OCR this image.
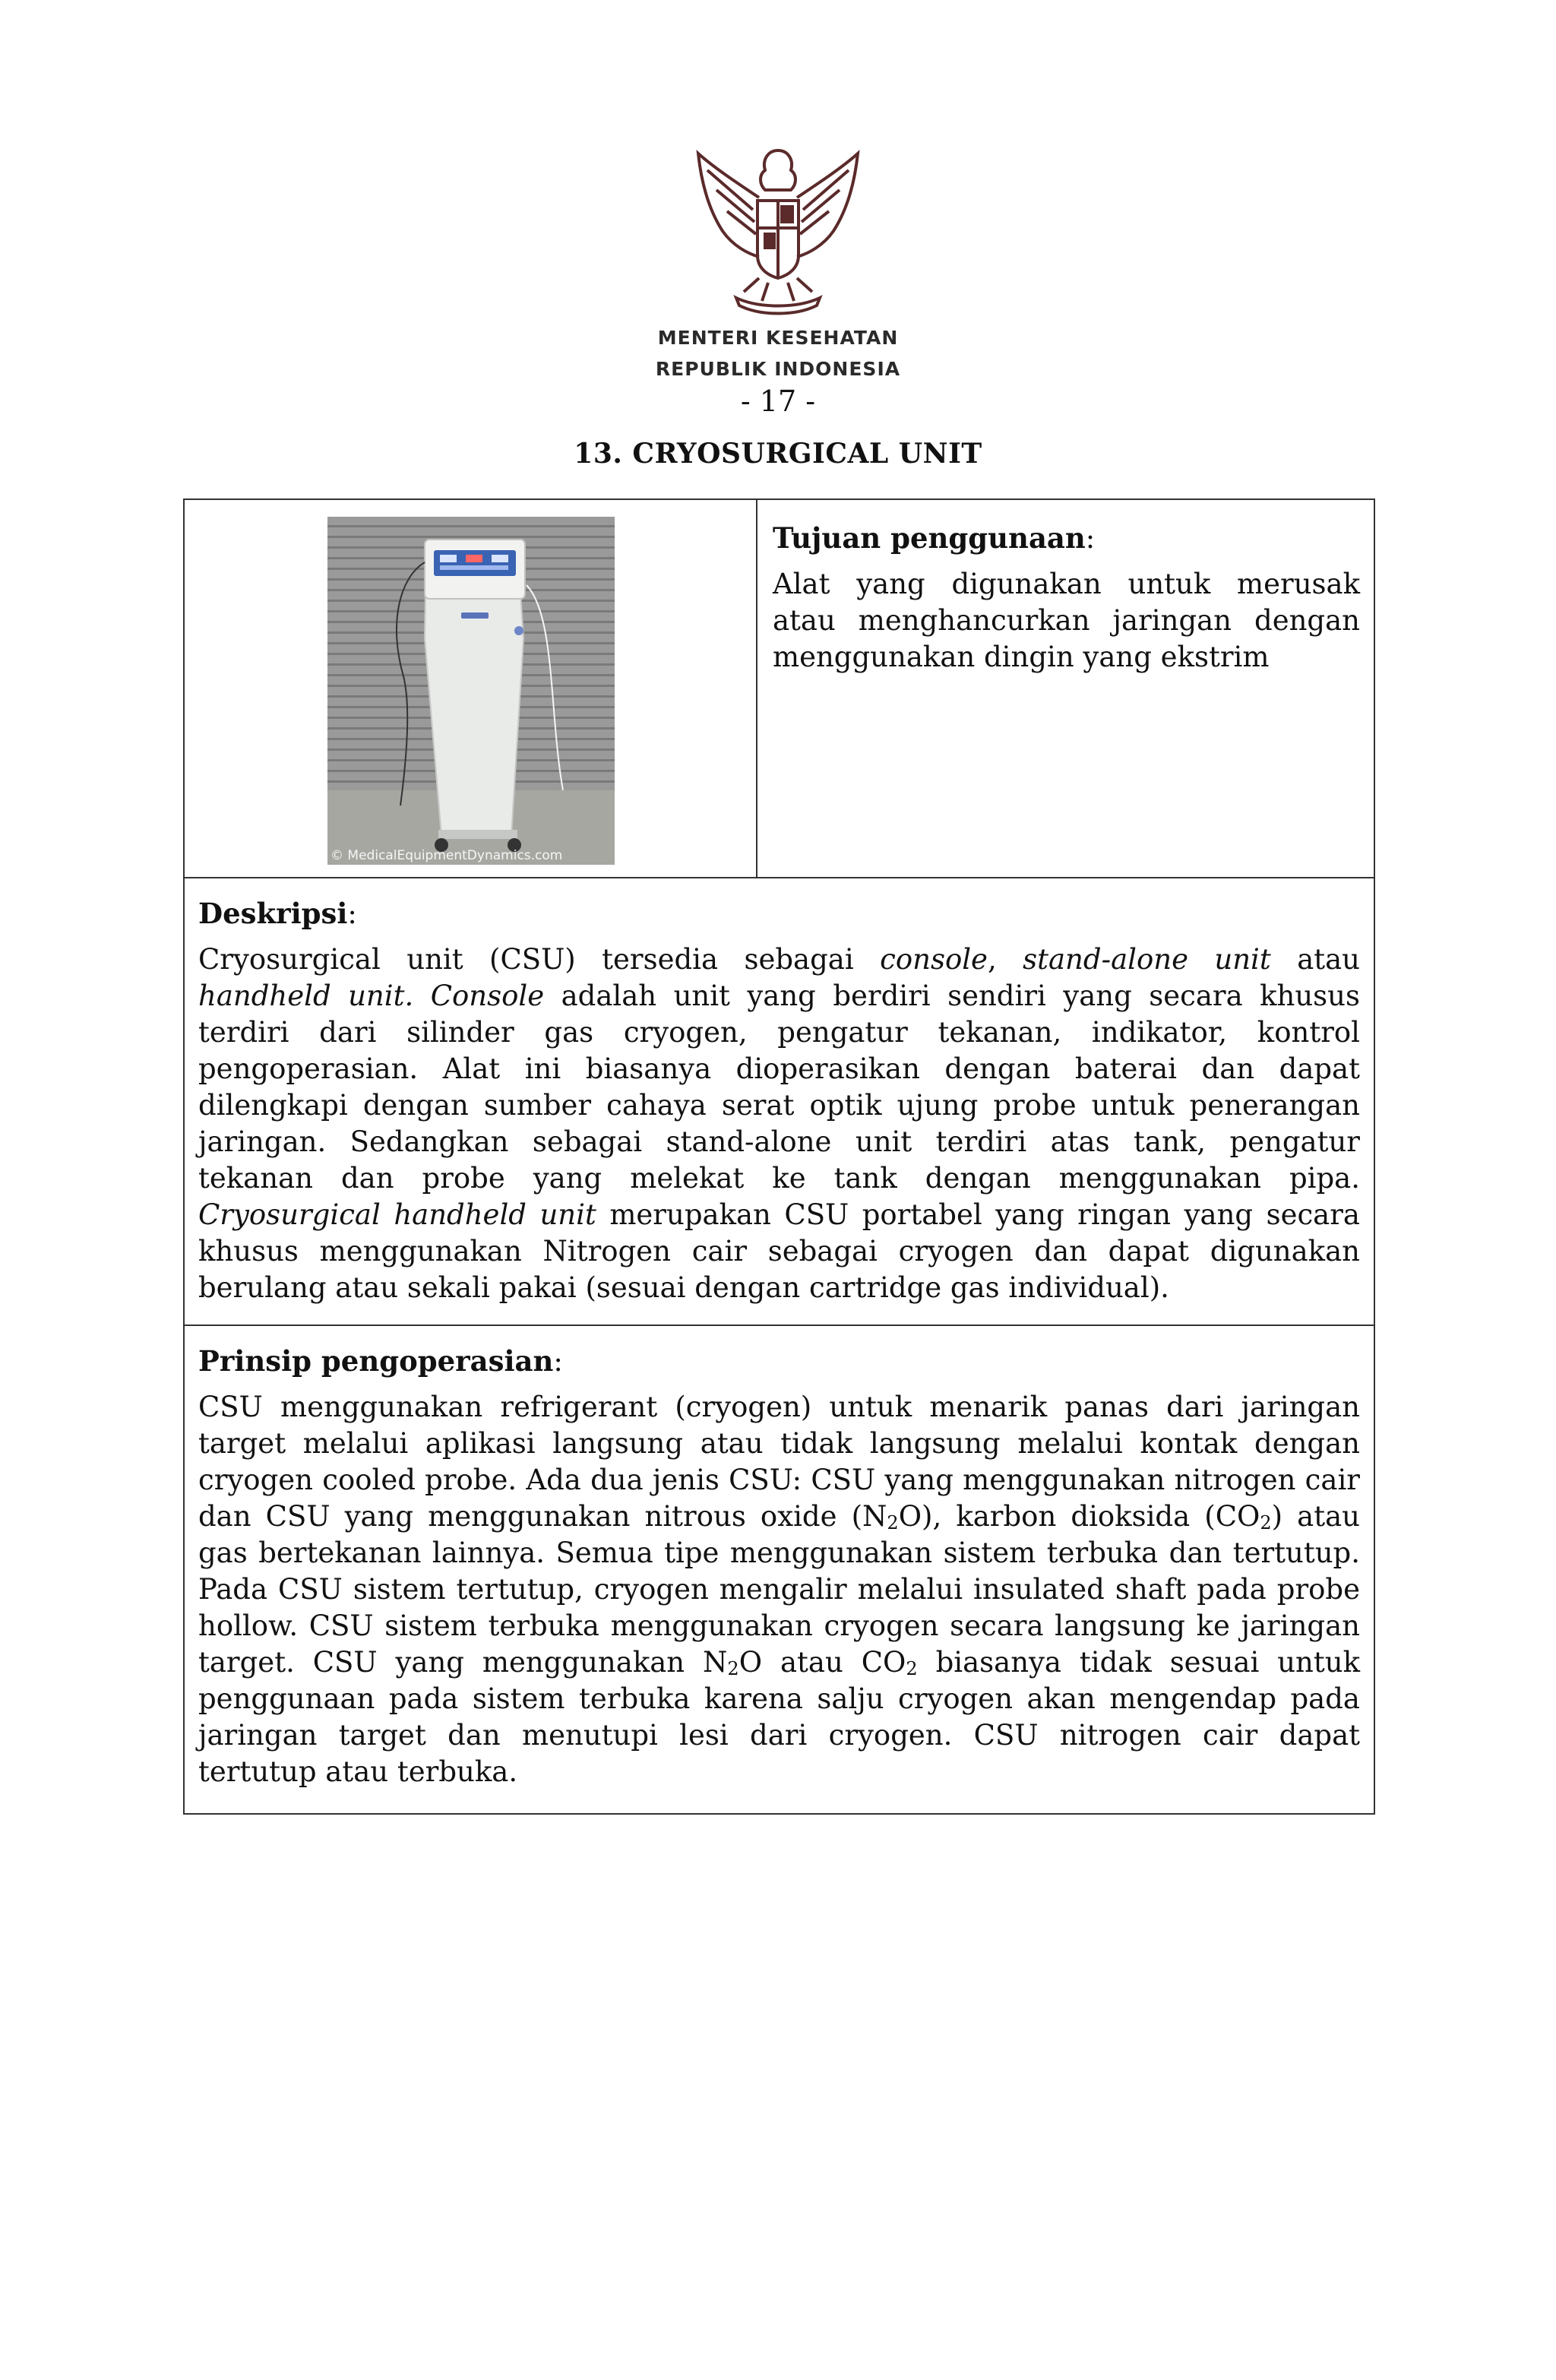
MENTERI KESEHATAN
REPUBLIK INDONESIA
- 17 -
13. CRYOSURGICAL UNIT
© MedicalEquipmentDynamics.com

Tujuan penggunaan:

Alat yang digunakan untuk merusak atau menghancurkan jaringan dengan menggunakan dingin yang ekstrim

Deskripsi:

Cryosurgical unit (CSU) tersedia sebagai console, stand-alone unit atau handheld unit. Console adalah unit yang berdiri sendiri yang secara khusus terdiri dari silinder gas cryogen, pengatur tekanan, indikator, kontrol pengoperasian. Alat ini biasanya dioperasikan dengan baterai dan dapat dilengkapi dengan sumber cahaya serat optik ujung probe untuk penerangan jaringan. Sedangkan sebagai stand-alone unit terdiri atas tank, pengatur tekanan dan probe yang melekat ke tank dengan menggunakan pipa. Cryosurgical handheld unit merupakan CSU portabel yang ringan yang secara khusus menggunakan Nitrogen cair sebagai cryogen dan dapat digunakan berulang atau sekali pakai (sesuai dengan cartridge gas individual).

Prinsip pengoperasian:

CSU menggunakan refrigerant (cryogen) untuk menarik panas dari jaringan target melalui aplikasi langsung atau tidak langsung melalui kontak dengan cryogen cooled probe. Ada dua jenis CSU: CSU yang menggunakan nitrogen cair dan CSU yang menggunakan nitrous oxide $(N_2O)$, karbon dioksida $(CO_2)$ atau gas bertekanan lainnya. Semua tipe menggunakan sistem terbuka dan tertutup. Pada CSU sistem tertutup, cryogen mengalir melalui insulated shaft pada probe hollow. CSU sistem terbuka menggunakan cryogen secara langsung ke jaringan target. CSU yang menggunakan $N_2O$ atau $CO_2$ biasanya tidak sesuai untuk penggunaan pada sistem terbuka karena salju cryogen akan mengendap pada jaringan target dan menutupi lesi dari cryogen. CSU nitrogen cair dapat tertutup atau terbuka.
